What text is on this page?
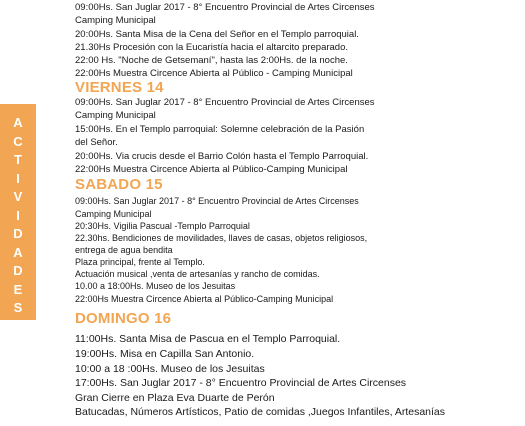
A
C
T
I
V
I
D
A
D
E
S
09:00Hs. San Juglar 2017 - 8° Encuentro Provincial de Artes Circenses
Camping Municipal
20:00Hs. Santa Misa de la Cena del Señor en el Templo parroquial.
21.30Hs Procesión con la Eucaristía hacia el altarcito preparado.
22:00 Hs. "Noche de Getsemaní", hasta las 2:00Hs. de la noche.
22:00Hs Muestra Circence Abierta al Público - Camping Municipal
VIERNES 14
09:00Hs. San Juglar 2017 - 8° Encuentro Provincial de Artes Circenses
Camping Municipal
15:00Hs. En el Templo parroquial: Solemne celebración de la Pasión
del Señor.
20:00Hs. Via crucis desde el Barrio Colón hasta el Templo Parroquial.
22:00Hs Muestra Circence Abierta al Público-Camping Municipal
SABADO 15
09:00Hs. San Juglar 2017 - 8° Encuentro Provincial de Artes Circenses
Camping Municipal
20:30Hs. Vigilia Pascual -Templo Parroquial
22.30hs. Bendiciones de movilidades, llaves de casas, objetos religiosos,
entrega de agua bendita
Plaza principal, frente al Templo.
Actuación musical ,venta de artesanías y rancho de comidas.
10.00 a 18:00Hs. Museo de los Jesuitas
22:00Hs Muestra Circence Abierta al Público-Camping Municipal
DOMINGO 16
11:00Hs. Santa Misa de Pascua en el Templo Parroquial.
19:00Hs. Misa en Capilla San Antonio.
10:00 a 18 :00Hs. Museo de los Jesuitas
17:00Hs. San Juglar 2017 - 8° Encuentro Provincial de Artes Circenses
Gran Cierre en Plaza Eva Duarte de Perón
Batucadas, Números Artísticos, Patio de comidas ,Juegos Infantiles, Artesanías
